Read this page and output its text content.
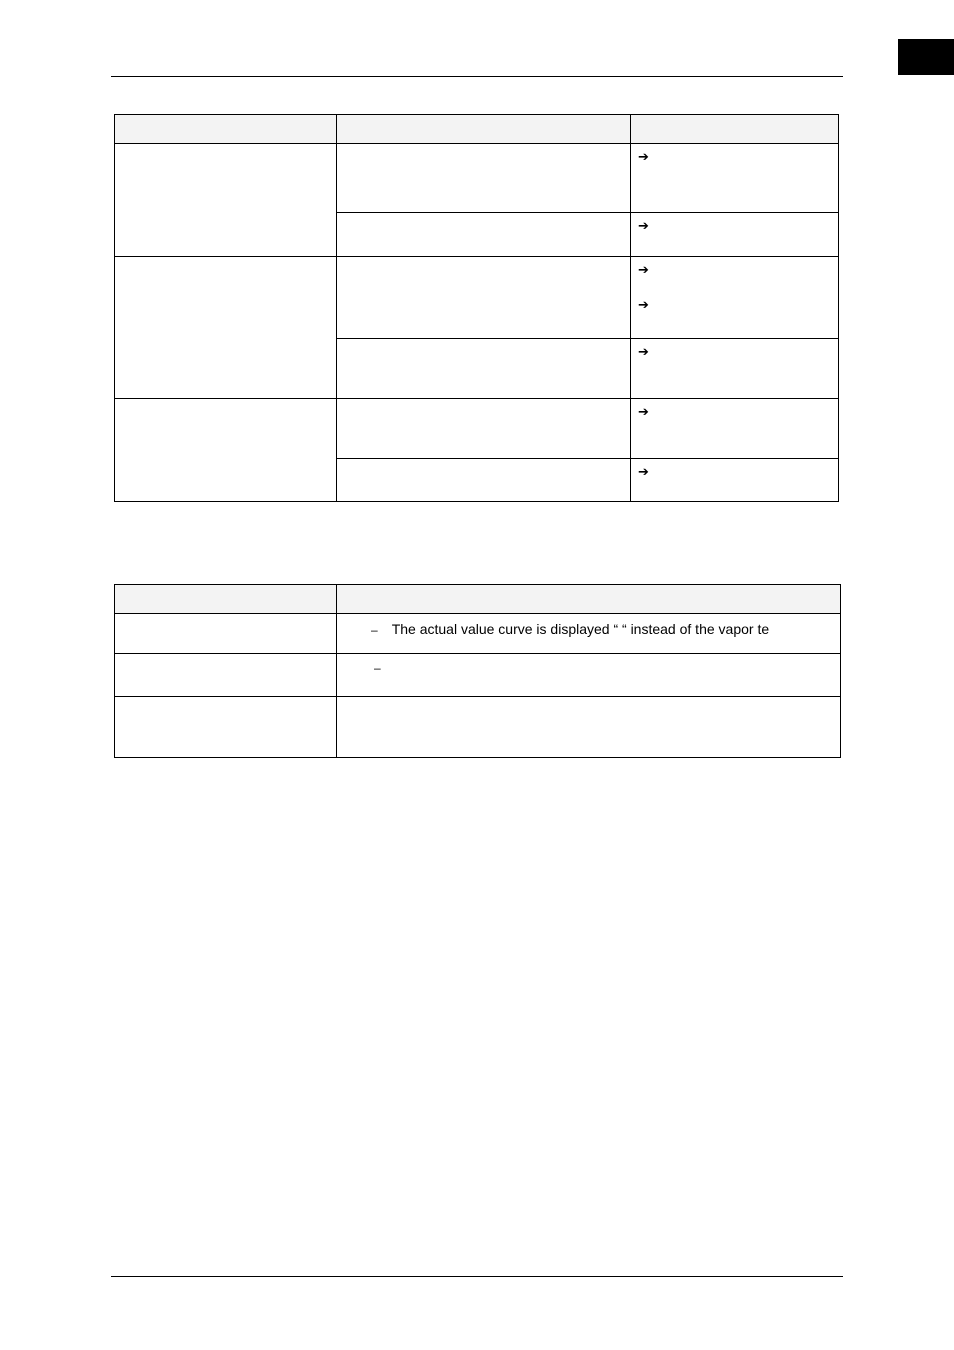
		➔

		➔

		➔
➔

		➔

		➔

		➔

	– The actual value curve is displayed “ “ instead of the vapor te

	–
